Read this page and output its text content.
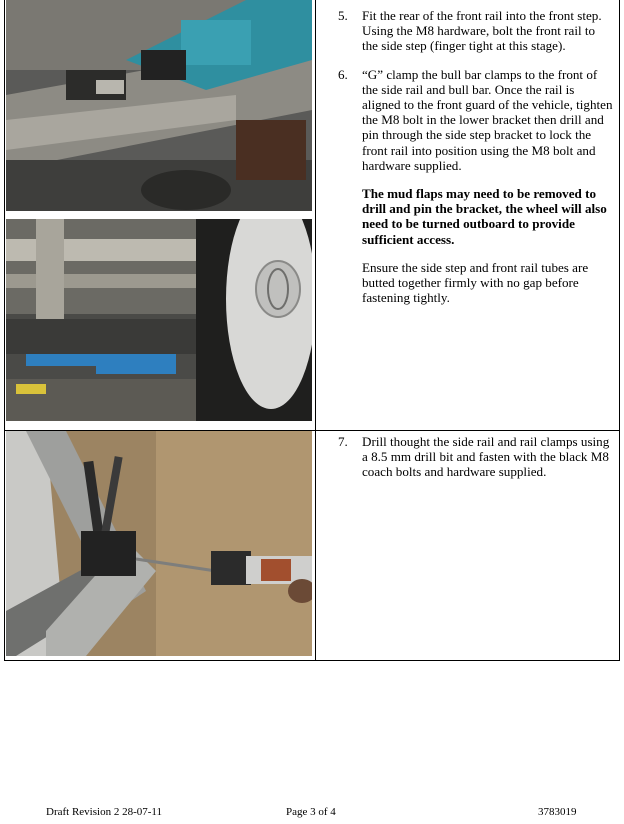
5. Fit the rear of the front rail into the front step. Using the M8 hardware, bolt the front rail to the side step (finger tight at this stage).
6. “G” clamp the bull bar clamps to the front of the side rail and bull bar. Once the rail is aligned to the front guard of the vehicle, tighten the M8 bolt in the lower bracket then drill and pin through the side step bracket to lock the front rail into position using the M8 bolt and hardware supplied.
The mud flaps may need to be removed to drill and pin the bracket, the wheel will also need to be turned outboard to provide sufficient access.
Ensure the side step and front rail tubes are butted together firmly with no gap before fastening tightly.
7. Drill thought the side rail and rail clamps using a 8.5 mm drill bit and fasten with the black M8 coach bolts and hardware supplied.
Draft Revision 2 28-07-11	Page 3 of 4	3783019
